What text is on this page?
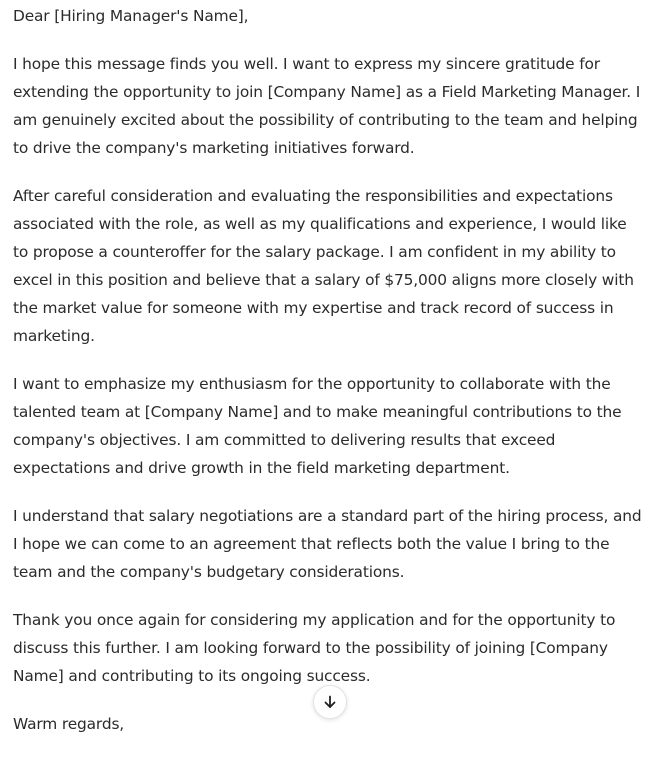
Dear [Hiring Manager's Name],

I hope this message finds you well. I want to express my sincere gratitude for extending the opportunity to join [Company Name] as a Field Marketing Manager. I am genuinely excited about the possibility of contributing to the team and helping to drive the company's marketing initiatives forward.

After careful consideration and evaluating the responsibilities and expectations associated with the role, as well as my qualifications and experience, I would like to propose a counteroffer for the salary package. I am confident in my ability to excel in this position and believe that a salary of $75,000 aligns more closely with the market value for someone with my expertise and track record of success in marketing.

I want to emphasize my enthusiasm for the opportunity to collaborate with the talented team at [Company Name] and to make meaningful contributions to the company's objectives. I am committed to delivering results that exceed expectations and drive growth in the field marketing department.

I understand that salary negotiations are a standard part of the hiring process, and I hope we can come to an agreement that reflects both the value I bring to the team and the company's budgetary considerations.

Thank you once again for considering my application and for the opportunity to discuss this further. I am looking forward to the possibility of joining [Company Name] and contributing to its ongoing success.

Warm regards,
